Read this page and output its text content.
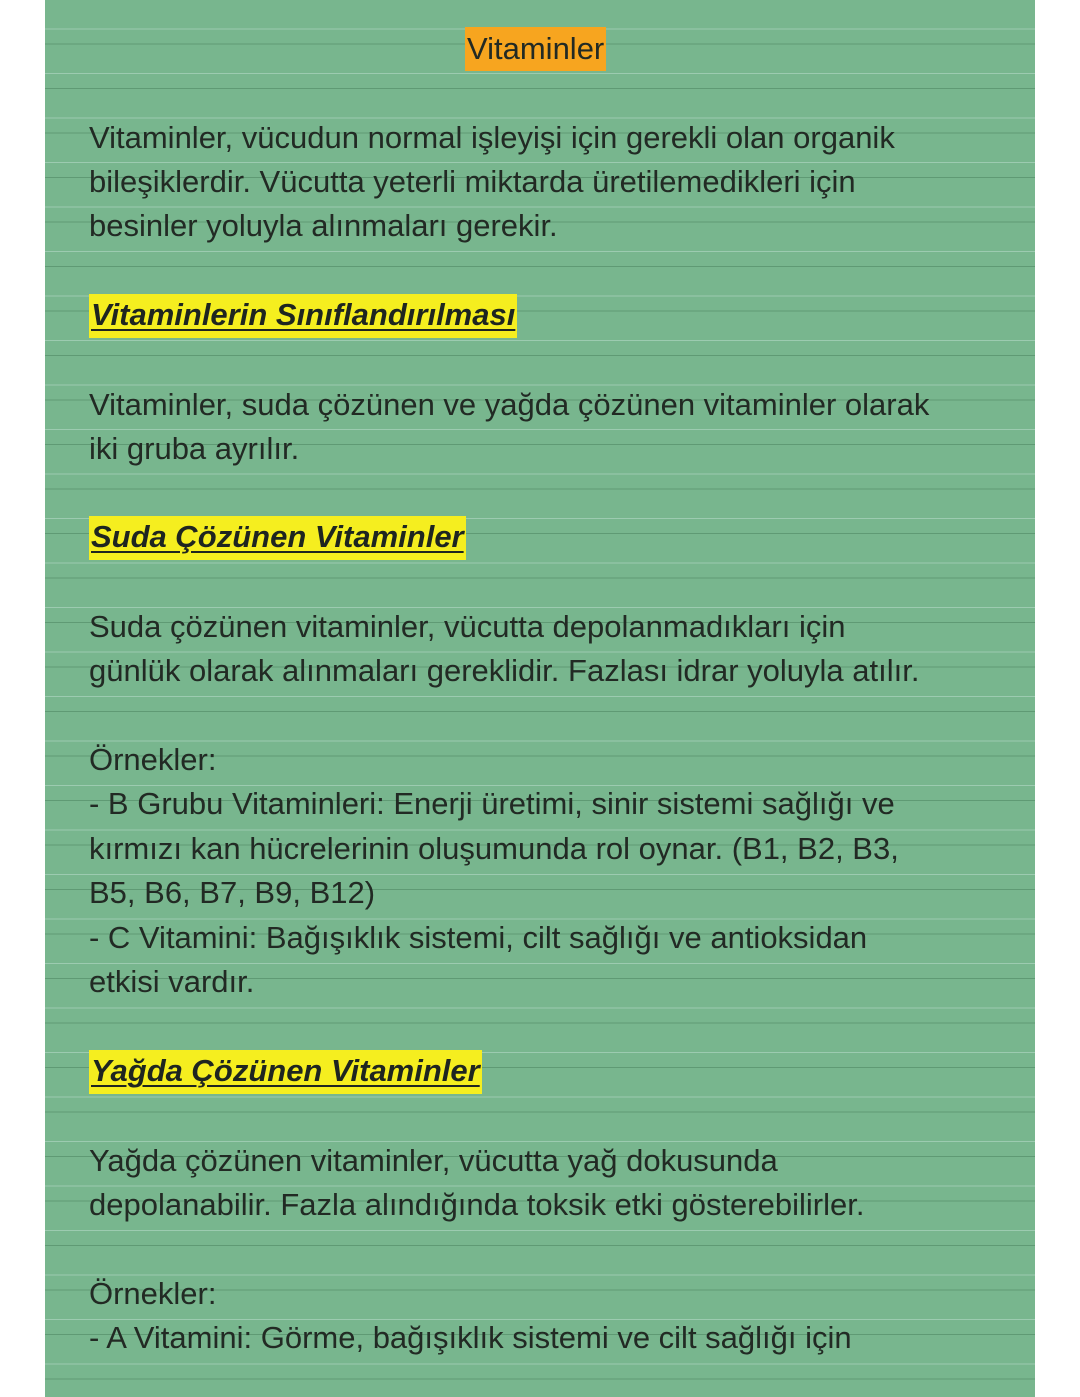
Vitaminler
Vitaminler, vücudun normal işleyişi için gerekli olan organik
bileşiklerdir. Vücutta yeterli miktarda üretilemedikleri için
besinler yoluyla alınmaları gerekir.
Vitaminlerin Sınıflandırılması
Vitaminler, suda çözünen ve yağda çözünen vitaminler olarak
iki gruba ayrılır.
Suda Çözünen Vitaminler
Suda çözünen vitaminler, vücutta depolanmadıkları için
günlük olarak alınmaları gereklidir. Fazlası idrar yoluyla atılır.
Örnekler:
- B Grubu Vitaminleri: Enerji üretimi, sinir sistemi sağlığı ve
kırmızı kan hücrelerinin oluşumunda rol oynar. (B1, B2, B3,
B5, B6, B7, B9, B12)
- C Vitamini: Bağışıklık sistemi, cilt sağlığı ve antioksidan
etkisi vardır.
Yağda Çözünen Vitaminler
Yağda çözünen vitaminler, vücutta yağ dokusunda
depolanabilir. Fazla alındığında toksik etki gösterebilirler.
Örnekler:
- A Vitamini: Görme, bağışıklık sistemi ve cilt sağlığı için
